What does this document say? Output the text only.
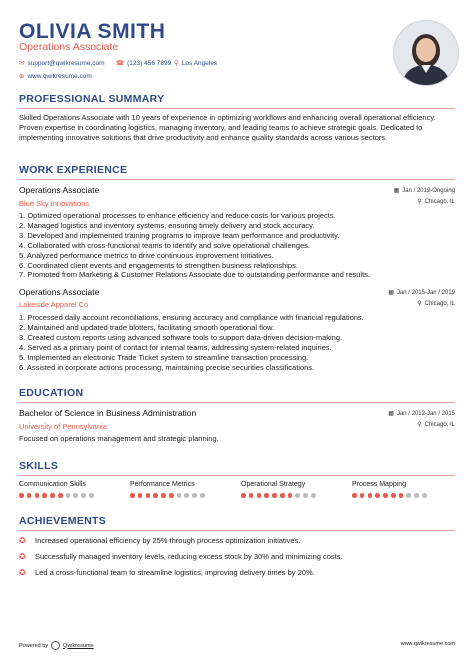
OLIVIA SMITH
Operations Associate
✉ support@qwikresume.com ☎ (123) 456 7899 ⚲ Los Angeles
⊕ www.qwikresume.com
PROFESSIONAL SUMMARY
Skilled Operations Associate with 10 years of experience in optimizing workflows and enhancing overall operational efficiency. Proven expertise in coordinating logistics, managing inventory, and leading teams to achieve strategic goals. Dedicated to implementing innovative solutions that drive productivity and enhance quality standards across various sectors.
WORK EXPERIENCE
Operations Associate
Blue Sky Innovations
▦ Jan / 2019-Ongoing
⚲ Chicago, IL
1. Optimized operational processes to enhance efficiency and reduce costs for various projects.
2. Managed logistics and inventory systems, ensuring timely delivery and stock accuracy.
3. Developed and implemented training programs to improve team performance and productivity.
4. Collaborated with cross-functional teams to identify and solve operational challenges.
5. Analyzed performance metrics to drive continuous improvement initiatives.
6. Coordinated client events and engagements to strengthen business relationships.
7. Promoted from Marketing & Customer Relations Associate due to outstanding performance and results.
Operations Associate
Lakeside Apparel Co
▦ Jan / 2015-Jan / 2019
⚲ Chicago, IL
1. Processed daily account reconciliations, ensuring accuracy and compliance with financial regulations.
2. Maintained and updated trade blotters, facilitating smooth operational flow.
3. Created custom reports using advanced software tools to support data-driven decision-making.
4. Served as a primary point of contact for internal teams, addressing system-related inquiries.
5. Implemented an electronic Trade Ticket system to streamline transaction processing.
6. Assisted in corporate actions processing, maintaining precise securities classifications.
EDUCATION
Bachelor of Science in Business Administration
University of Pennsylvania
▦ Jan / 2012-Jan / 2015
⚲ Chicago, IL
Focused on operations management and strategic planning.
SKILLS
Communication Skills	Performance Metrics	Operational Strategy	Process Mapping
ACHIEVEMENTS
✪	Increased operational efficiency by 25% through process optimization initiatives.
✪	Successfully managed inventory levels, reducing excess stock by 30% and minimizing costs.
✪	Led a cross-functional team to streamline logistics, improving delivery times by 20%.
Powered by	Qwikresume	www.qwikresume.com
